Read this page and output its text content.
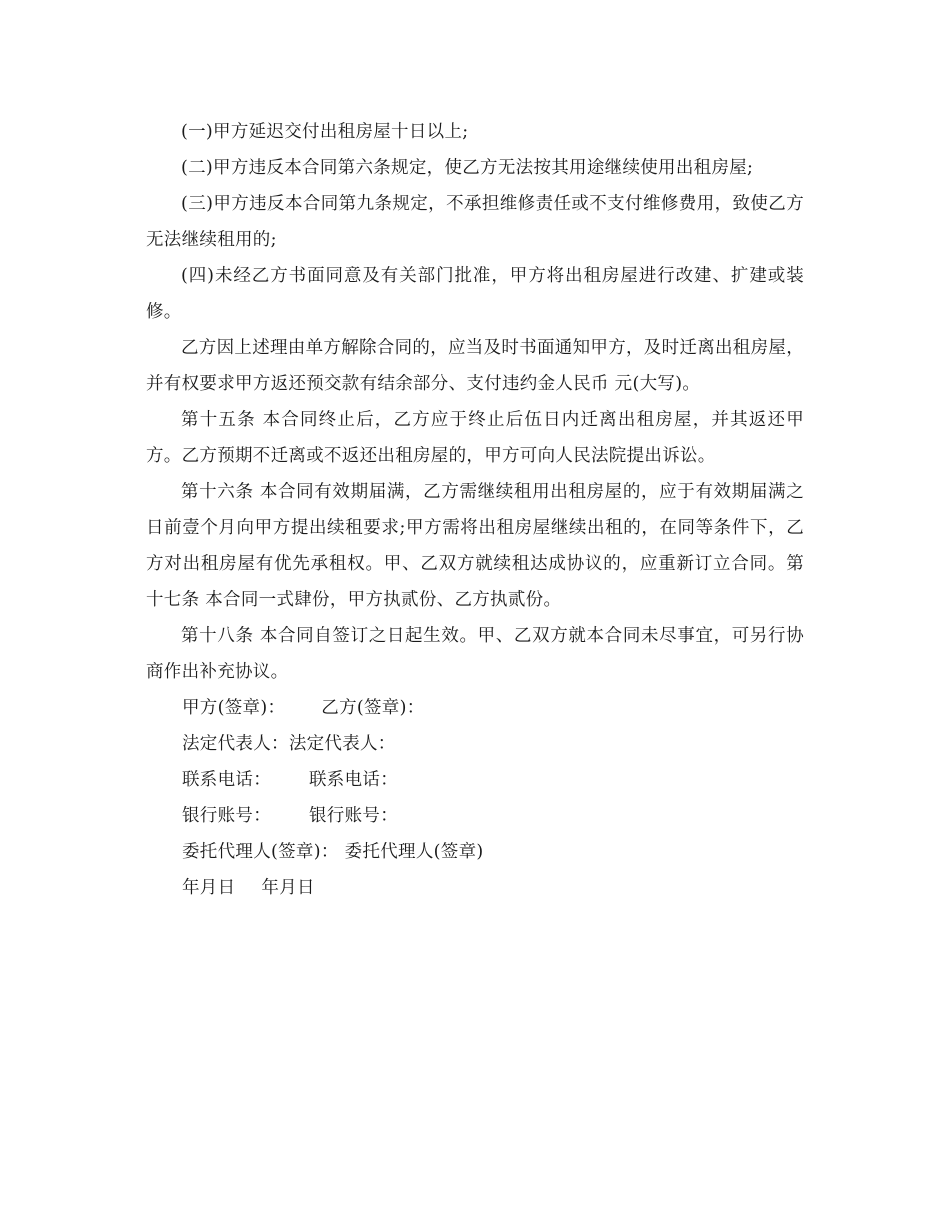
(一)甲方延迟交付出租房屋十日以上;

(二)甲方违反本合同第六条规定，使乙方无法按其用途继续使用出租房屋;

(三)甲方违反本合同第九条规定，不承担维修责任或不支付维修费用，致使乙方无法继续租用的;

(四)未经乙方书面同意及有关部门批准，甲方将出租房屋进行改建、扩建或装修。

乙方因上述理由单方解除合同的，应当及时书面通知甲方，及时迁离出租房屋，并有权要求甲方返还预交款有结余部分、支付违约金人民币 元(大写)。

第十五条 本合同终止后，乙方应于终止后伍日内迁离出租房屋，并其返还甲方。乙方预期不迁离或不返还出租房屋的，甲方可向人民法院提出诉讼。

第十六条 本合同有效期届满，乙方需继续租用出租房屋的，应于有效期届满之日前壹个月向甲方提出续租要求;甲方需将出租房屋继续出租的，在同等条件下，乙方对出租房屋有优先承租权。甲、乙双方就续租达成协议的，应重新订立合同。第十七条 本合同一式肆份，甲方执贰份、乙方执贰份。

第十八条 本合同自签订之日起生效。甲、乙双方就本合同未尽事宜，可另行协商作出补充协议。

甲方(签章)： 乙方(签章)：
法定代表人：法定代表人：
联系电话： 联系电话：
银行账号： 银行账号：
委托代理人(签章)： 委托代理人(签章)
年月日 年月日
